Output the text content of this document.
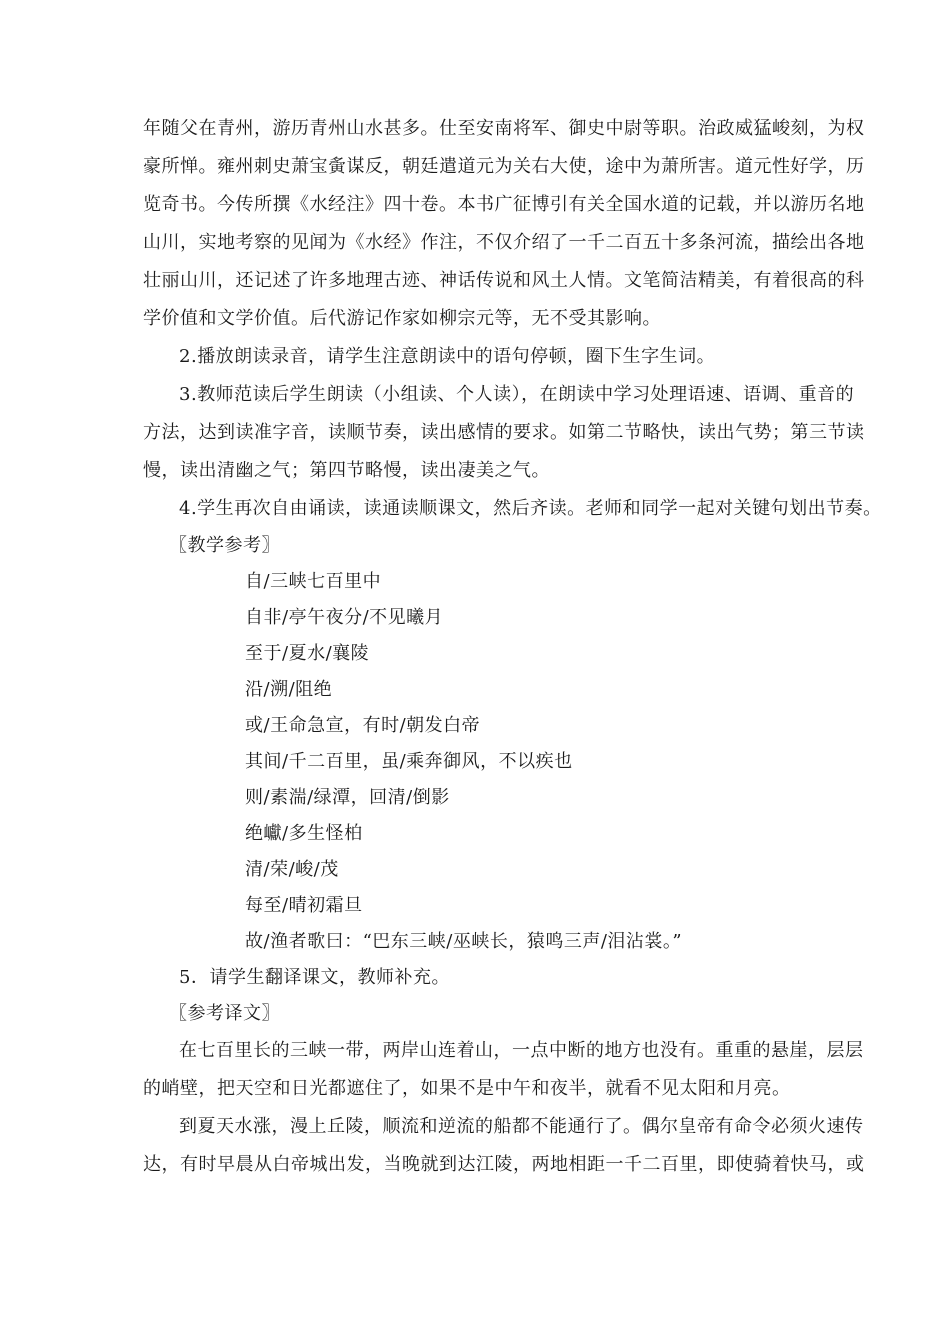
年随父在青州，游历青州山水甚多。仕至安南将军、御史中尉等职。治政威猛峻刻，为权
豪所惮。雍州刺史萧宝夤谋反，朝廷遣道元为关右大使，途中为萧所害。道元性好学，历
览奇书。今传所撰《水经注》四十卷。本书广征博引有关全国水道的记载，并以游历名地
山川，实地考察的见闻为《水经》作注，不仅介绍了一千二百五十多条河流，描绘出各地
壮丽山川，还记述了许多地理古迹、神话传说和风土人情。文笔简洁精美，有着很高的科
学价值和文学价值。后代游记作家如柳宗元等，无不受其影响。
2.播放朗读录音，请学生注意朗读中的语句停顿，圈下生字生词。
3.教师范读后学生朗读（小组读、个人读），在朗读中学习处理语速、语调、重音的
方法，达到读准字音，读顺节奏，读出感情的要求。如第二节略快，读出气势；第三节读
慢，读出清幽之气；第四节略慢，读出凄美之气。
4.学生再次自由诵读，读通读顺课文，然后齐读。老师和同学一起对关键句划出节奏。
〖教学参考〗
自/三峡七百里中
自非/亭午夜分/不见曦月
至于/夏水/襄陵
沿/溯/阻绝
或/王命急宣，有时/朝发白帝
其间/千二百里，虽/乘奔御风，不以疾也
则/素湍/绿潭，回清/倒影
绝巘/多生怪柏
清/荣/峻/茂
每至/晴初霜旦
故/渔者歌曰：“巴东三峡/巫峡长，猿鸣三声/泪沾裳。”
5．请学生翻译课文，教师补充。
〖参考译文〗
在七百里长的三峡一带，两岸山连着山，一点中断的地方也没有。重重的悬崖，层层
的峭壁，把天空和日光都遮住了，如果不是中午和夜半，就看不见太阳和月亮。
到夏天水涨，漫上丘陵，顺流和逆流的船都不能通行了。偶尔皇帝有命令必须火速传
达，有时早晨从白帝城出发，当晚就到达江陵，两地相距一千二百里，即使骑着快马，或
